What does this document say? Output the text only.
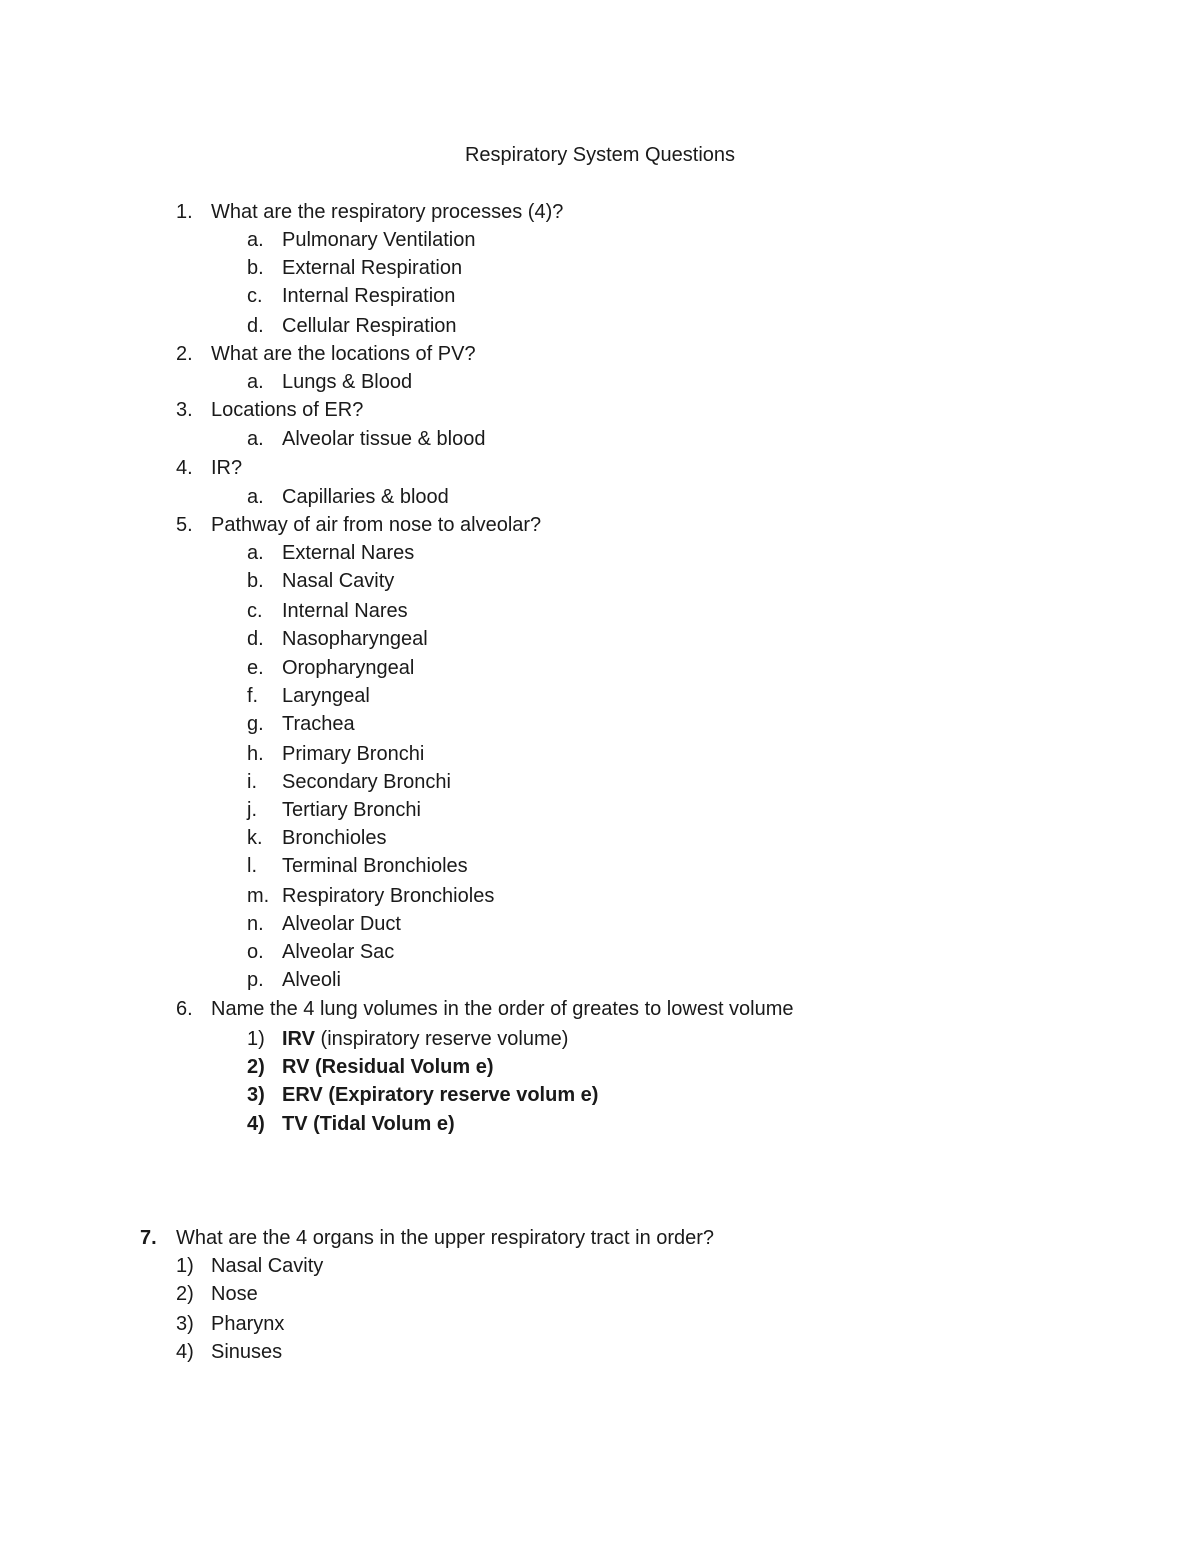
Respiratory System Questions
1. What are the respiratory processes (4)?
a. Pulmonary Ventilation
b. External Respiration
c. Internal Respiration
d. Cellular Respiration
2. What are the locations of PV?
a. Lungs & Blood
3. Locations of ER?
a. Alveolar tissue & blood
4. IR?
a. Capillaries & blood
5. Pathway of air from nose to alveolar?
a. External Nares
b. Nasal Cavity
c. Internal Nares
d. Nasopharyngeal
e. Oropharyngeal
f. Laryngeal
g. Trachea
h. Primary Bronchi
i. Secondary Bronchi
j. Tertiary Bronchi
k. Bronchioles
l. Terminal Bronchioles
m. Respiratory Bronchioles
n. Alveolar Duct
o. Alveolar Sac
p. Alveoli
6. Name the 4 lung volumes in the order of greates to lowest volume
1) IRV (inspiratory reserve volume)
2) RV (Residual Volum e)
3) ERV (Expiratory reserve volum e)
4) TV (Tidal Volum e)
7. What are the 4 organs in the upper respiratory tract in order?
1) Nasal Cavity
2) Nose
3) Pharynx
4) Sinuses
